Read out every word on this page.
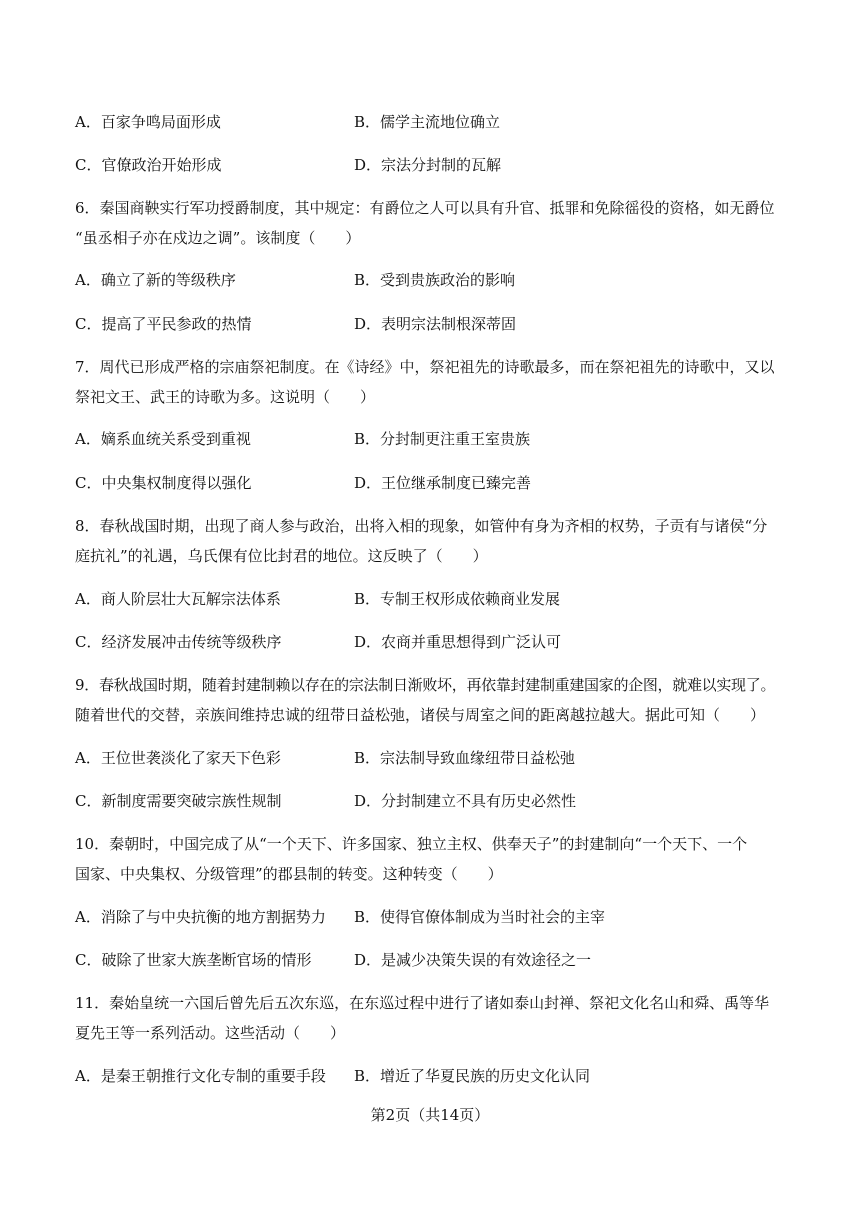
A．百家争鸣局面形成	B．儒学主流地位确立
C．官僚政治开始形成	D．宗法分封制的瓦解
6．秦国商鞅实行军功授爵制度，其中规定：有爵位之人可以具有升官、抵罪和免除徭役的资格，如无爵位
“虽丞相子亦在戍边之调”。该制度（　　）
A．确立了新的等级秩序	B．受到贵族政治的影响
C．提高了平民参政的热情	D．表明宗法制根深蒂固
7．周代已形成严格的宗庙祭祀制度。在《诗经》中，祭祀祖先的诗歌最多，而在祭祀祖先的诗歌中，又以
祭祀文王、武王的诗歌为多。这说明（　　）
A．嫡系血统关系受到重视	B．分封制更注重王室贵族
C．中央集权制度得以强化	D．王位继承制度已臻完善
8．春秋战国时期，出现了商人参与政治，出将入相的现象，如管仲有身为齐相的权势，子贡有与诸侯“分
庭抗礼”的礼遇，乌氏倮有位比封君的地位。这反映了（　　）
A．商人阶层壮大瓦解宗法体系	B．专制王权形成依赖商业发展
C．经济发展冲击传统等级秩序	D．农商并重思想得到广泛认可
9．春秋战国时期，随着封建制赖以存在的宗法制日渐败坏，再依靠封建制重建国家的企图，就难以实现了。
随着世代的交替，亲族间维持忠诚的纽带日益松弛，诸侯与周室之间的距离越拉越大。据此可知（　　）
A．王位世袭淡化了家天下色彩	B．宗法制导致血缘纽带日益松弛
C．新制度需要突破宗族性规制	D．分封制建立不具有历史必然性
10．秦朝时，中国完成了从“一个天下、许多国家、独立主权、供奉天子”的封建制向“一个天下、一个
国家、中央集权、分级管理”的郡县制的转变。这种转变（　　）
A．消除了与中央抗衡的地方割据势力 B．使得官僚体制成为当时社会的主宰
C．破除了世家大族垄断官场的情形	D．是减少决策失误的有效途径之一
11．秦始皇统一六国后曾先后五次东巡，在东巡过程中进行了诸如泰山封禅、祭祀文化名山和舜、禹等华
夏先王等一系列活动。这些活动（　　）
A．是秦王朝推行文化专制的重要手段 B．增近了华夏民族的历史文化认同
第2页（共14页）
